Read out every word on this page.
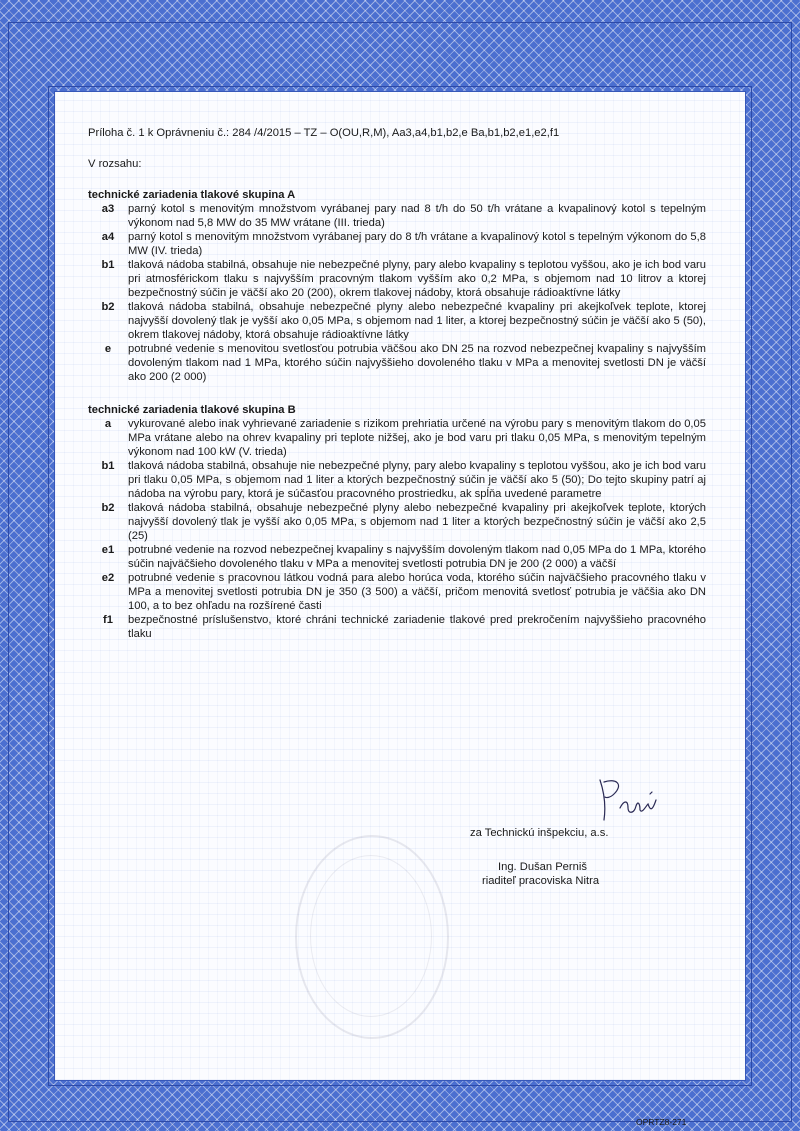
Príloha č. 1 k Oprávneniu č.: 284 /4/2015 – TZ – O(OU,R,M), Aa3,a4,b1,b2,e Ba,b1,b2,e1,e2,f1

V rozsahu:

technické zariadenia tlakové skupina A

a3	parný kotol s menovitým množstvom vyrábanej pary nad 8 t/h do 50 t/h vrátane a kvapalinový kotol s tepelným výkonom nad 5,8 MW do 35 MW vrátane (III. trieda)
a4	parný kotol s menovitým množstvom vyrábanej pary do 8 t/h vrátane a kvapalinový kotol s tepelným výkonom do 5,8 MW (IV. trieda)
b1	tlaková nádoba stabilná, obsahuje nie nebezpečné plyny, pary alebo kvapaliny s teplotou vyššou, ako je ich bod varu pri atmosférickom tlaku s najvyšším pracovným tlakom vyšším ako 0,2 MPa, s objemom nad 10 litrov a ktorej bezpečnostný súčin je väčší ako 20 (200), okrem tlakovej nádoby, ktorá obsahuje rádioaktívne látky
b2	tlaková nádoba stabilná, obsahuje nebezpečné plyny alebo nebezpečné kvapaliny pri akejkoľvek teplote, ktorej najvyšší dovolený tlak je vyšší ako 0,05 MPa, s objemom nad 1 liter, a ktorej bezpečnostný súčin je väčší ako 5 (50), okrem tlakovej nádoby, ktorá obsahuje rádioaktívne látky
e	potrubné vedenie s menovitou svetlosťou potrubia väčšou ako DN 25 na rozvod nebezpečnej kvapaliny s najvyšším dovoleným tlakom nad 1 MPa, ktorého súčin najvyššieho dovoleného tlaku v MPa a menovitej svetlosti DN je väčší ako 200 (2 000)

technické zariadenia tlakové skupina B

a	vykurované alebo inak vyhrievané zariadenie s rizikom prehriatia určené na výrobu pary s menovitým tlakom do 0,05 MPa vrátane alebo na ohrev kvapaliny pri teplote nižšej, ako je bod varu pri tlaku 0,05 MPa, s menovitým tepelným výkonom nad 100 kW (V. trieda)
b1	tlaková nádoba stabilná, obsahuje nie nebezpečné plyny, pary alebo kvapaliny s teplotou vyššou, ako je ich bod varu pri tlaku 0,05 MPa, s objemom nad 1 liter a ktorých bezpečnostný súčin je väčší ako 5 (50); Do tejto skupiny patrí aj nádoba na výrobu pary, ktorá je súčasťou pracovného prostriedku, ak spĺňa uvedené parametre
b2	tlaková nádoba stabilná, obsahuje nebezpečné plyny alebo nebezpečné kvapaliny pri akejkoľvek teplote, ktorých najvyšší dovolený tlak je vyšší ako 0,05 MPa, s objemom nad 1 liter a ktorých bezpečnostný súčin je väčší ako 2,5 (25)
e1	potrubné vedenie na rozvod nebezpečnej kvapaliny s najvyšším dovoleným tlakom nad 0,05 MPa do 1 MPa, ktorého súčin najväčšieho dovoleného tlaku v MPa a menovitej svetlosti potrubia DN je 200 (2 000) a väčší
e2	potrubné vedenie s pracovnou látkou vodná para alebo horúca voda, ktorého súčin najväčšieho pracovného tlaku v MPa a menovitej svetlosti potrubia DN je 350 (3 500) a väčší, pričom menovitá svetlosť potrubia je väčšia ako DN 100, a to bez ohľadu na rozšírené časti
f1	bezpečnostné príslušenstvo, ktoré chráni technické zariadenie tlakové pred prekročením najvyššieho pracovného tlaku
za Technickú inšpekciu, a.s.
Ing. Dušan Perniš
riaditeľ pracoviska Nitra
OPRTZ8-271
